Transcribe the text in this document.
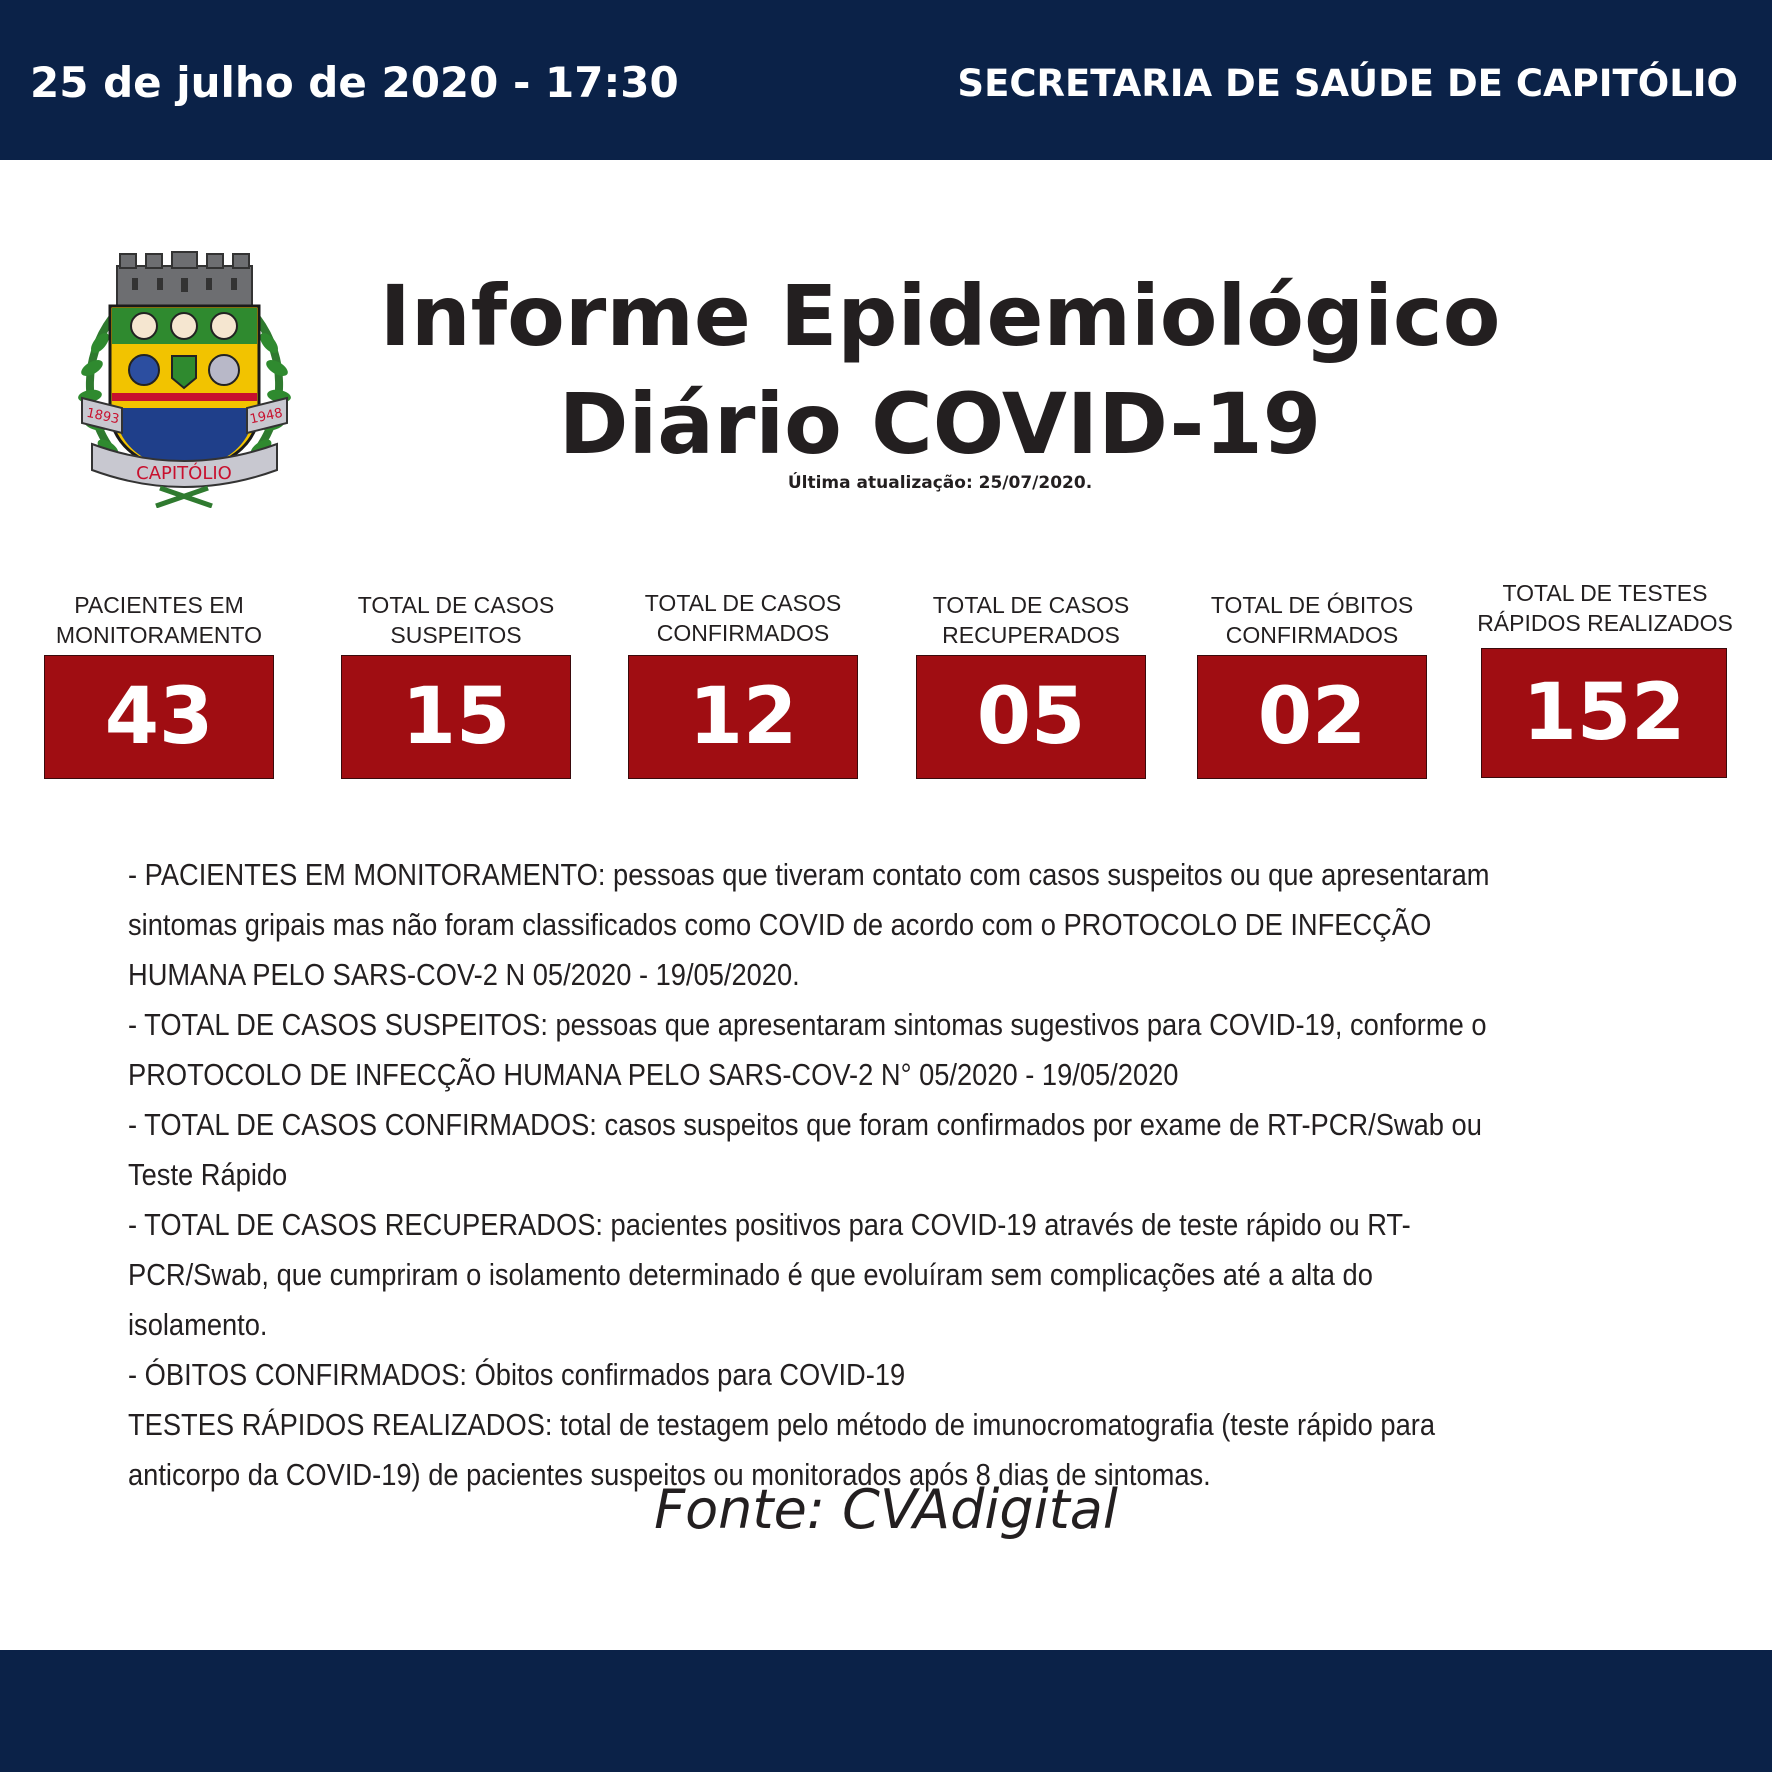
25 de julho de 2020 - 17:30	SECRETARIA DE SAÚDE DE CAPITÓLIO
1893	1948
CAPITÓLIO
Informe Epidemiológico
Diário COVID-19
Última atualização: 25/07/2020.
PACIENTES EM
MONITORAMENTO
43
TOTAL DE CASOS
SUSPEITOS
15
TOTAL DE CASOS
CONFIRMADOS
12
TOTAL DE CASOS
RECUPERADOS
05
TOTAL DE ÓBITOS
CONFIRMADOS
02
TOTAL DE TESTES
RÁPIDOS REALIZADOS
152

- PACIENTES EM MONITORAMENTO: pessoas que tiveram contato com casos suspeitos ou que apresentaram sintomas gripais mas não foram classificados como COVID de acordo com o PROTOCOLO DE INFECÇÃO HUMANA PELO SARS-COV-2 N 05/2020 - 19/05/2020.

- TOTAL DE CASOS SUSPEITOS: pessoas que apresentaram sintomas sugestivos para COVID-19, conforme o PROTOCOLO DE INFECÇÃO HUMANA PELO SARS-COV-2 N° 05/2020 - 19/05/2020

- TOTAL DE CASOS CONFIRMADOS: casos suspeitos que foram confirmados por exame de RT-PCR/Swab ou Teste Rápido

- TOTAL DE CASOS RECUPERADOS: pacientes positivos para COVID-19 através de teste rápido ou RT-PCR/Swab, que cumpriram o isolamento determinado é que evoluíram sem complicações até a alta do isolamento.

- ÓBITOS CONFIRMADOS: Óbitos confirmados para COVID-19

TESTES RÁPIDOS REALIZADOS: total de testagem pelo método de imunocromatografia (teste rápido para anticorpo da COVID-19) de pacientes suspeitos ou monitorados após 8 dias de sintomas.

Fonte: CVAdigital
